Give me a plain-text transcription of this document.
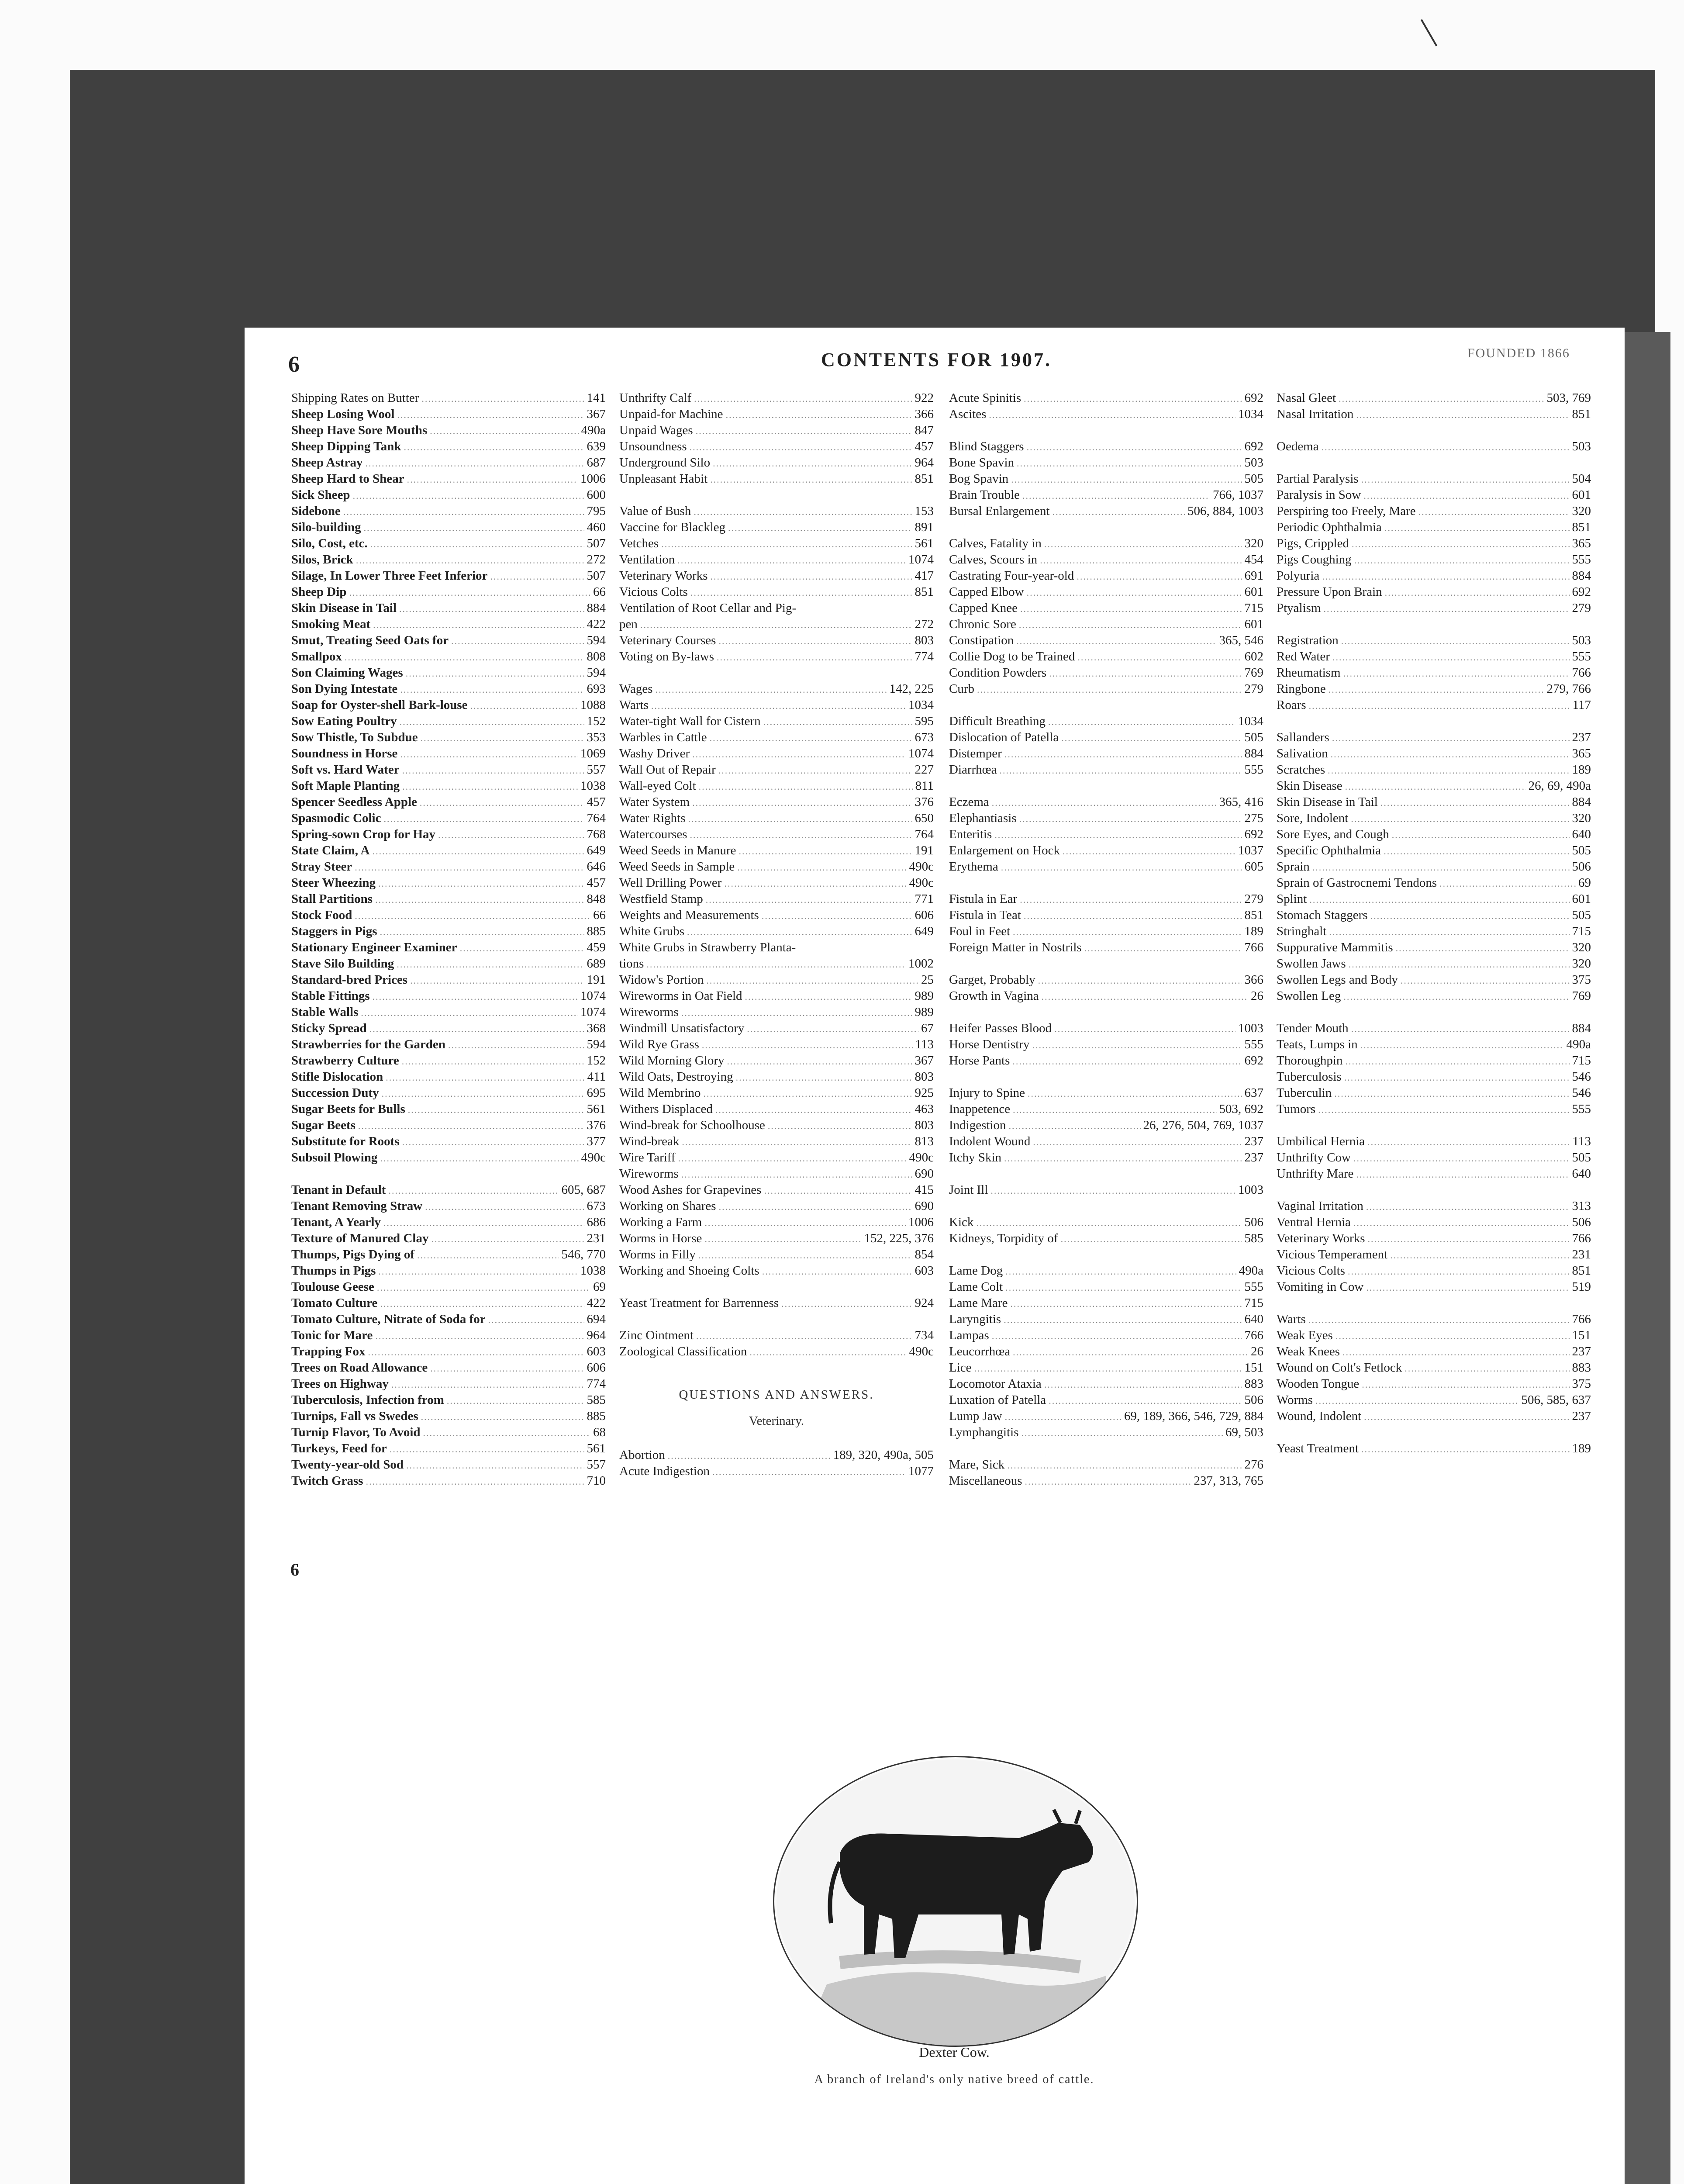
6	CONTENTS FOR 1907.	FOUNDED 1866
Shipping Rates on Butter .....	141
Sheep Losing Wool .....	367
Sheep Have Sore Mouths .....	490a
Sheep Dipping Tank .....	639
Sheep Astray .....	687
Sheep Hard to Shear .....	1006
Sick Sheep .....	600
Sidebone .....	795
Silo-building .....	460
Silo, Cost, etc. .....	507
Silos, Brick .....	272
Silage, In Lower Three Feet Inferior .....	507
Sheep Dip .....	66
Skin Disease in Tail .....	884
Smoking Meat .....	422
Smut, Treating Seed Oats for .....	594
Smallpox .....	808
Son Claiming Wages .....	594
Son Dying Intestate .....	693
Soap for Oyster-shell Bark-louse .....	1088
Sow Eating Poultry .....	152
Sow Thistle, To Subdue .....	353
Soundness in Horse .....	1069
Soft vs. Hard Water .....	557
Soft Maple Planting .....	1038
Spencer Seedless Apple .....	457
Spasmodic Colic .....	764
Spring-sown Crop for Hay .....	768
State Claim, A .....	649
Stray Steer .....	646
Steer Wheezing .....	457
Stall Partitions .....	848
Stock Food .....	66
Staggers in Pigs .....	885
Stationary Engineer Examiner .....	459
Stave Silo Building .....	689
Standard-bred Prices .....	191
Stable Fittings .....	1074
Stable Walls .....	1074
Sticky Spread .....	368
Strawberries for the Garden .....	594
Strawberry Culture .....	152
Stifle Dislocation .....	411
Succession Duty .....	695
Sugar Beets for Bulls .....	561
Sugar Beets .....	376
Substitute for Roots .....	377
Subsoil Plowing .....	490c
Tenant in Default .....	605, 687
Tenant Removing Straw .....	673
Tenant, A Yearly .....	686
Texture of Manured Clay .....	231
Thumps, Pigs Dying of .....	546, 770
Thumps in Pigs .....	1038
Toulouse Geese .....	69
Tomato Culture .....	422
Tomato Culture, Nitrate of Soda for .....	694
Tonic for Mare .....	964
Trapping Fox .....	603
Trees on Road Allowance .....	606
Trees on Highway .....	774
Tuberculosis, Infection from .....	585
Turnips, Fall vs Swedes .....	885
Turnip Flavor, To Avoid .....	68
Turkeys, Feed for .....	561
Twenty-year-old Sod .....	557
Twitch Grass .....	710
Unthrifty Calf .....	922
Unpaid-for Machine .....	366
Unpaid Wages .....	847
Unsoundness .....	457
Underground Silo .....	964
Unpleasant Habit .....	851
Value of Bush .....	153
Vaccine for Blackleg .....	891
Vetches .....	561
Ventilation .....	1074
Veterinary Works .....	417
Vicious Colts .....	851
Ventilation of Root Cellar and Pig-
pen .....	272
Veterinary Courses .....	803
Voting on By-laws .....	774
Wages .....	142, 225
Warts .....	1034
Water-tight Wall for Cistern .....	595
Warbles in Cattle .....	673
Washy Driver .....	1074
Wall Out of Repair .....	227
Wall-eyed Colt .....	811
Water System .....	376
Water Rights .....	650
Watercourses .....	764
Weed Seeds in Manure .....	191
Weed Seeds in Sample .....	490c
Well Drilling Power .....	490c
Westfield Stamp .....	771
Weights and Measurements .....	606
White Grubs .....	649
White Grubs in Strawberry Planta-
tions .....	1002
Widow's Portion .....	25
Wireworms in Oat Field .....	989
Wireworms .....	989
Windmill Unsatisfactory .....	67
Wild Rye Grass .....	113
Wild Morning Glory .....	367
Wild Oats, Destroying .....	803
Wild Membrino .....	925
Withers Displaced .....	463
Wind-break for Schoolhouse .....	803
Wind-break .....	813
Wire Tariff .....	490c
Wireworms .....	690
Wood Ashes for Grapevines .....	415
Working on Shares .....	690
Working a Farm .....	1006
Worms in Horse .....	152, 225, 376
Worms in Filly .....	854
Working and Shoeing Colts .....	603
Yeast Treatment for Barrenness .....	924
Zinc Ointment .....	734
Zoological Classification .....	490c
QUESTIONS AND ANSWERS.
Veterinary.
Abortion .....	189, 320, 490a, 505
Acute Indigestion .....	1077
Acute Spinitis .....	692
Ascites .....	1034
Blind Staggers .....	692
Bone Spavin .....	503
Bog Spavin .....	505
Brain Trouble .....	766, 1037
Bursal Enlargement .....	506, 884, 1003
Calves, Fatality in .....	320
Calves, Scours in .....	454
Castrating Four-year-old .....	691
Capped Elbow .....	601
Capped Knee .....	715
Chronic Sore .....	601
Constipation .....	365, 546
Collie Dog to be Trained .....	602
Condition Powders .....	769
Curb .....	279
Difficult Breathing .....	1034
Dislocation of Patella .....	505
Distemper .....	884
Diarrhœa .....	555
Eczema .....	365, 416
Elephantiasis .....	275
Enteritis .....	692
Enlargement on Hock .....	1037
Erythema .....	605
Fistula in Ear .....	279
Fistula in Teat .....	851
Foul in Feet .....	189
Foreign Matter in Nostrils .....	766
Garget, Probably .....	366
Growth in Vagina .....	26
Heifer Passes Blood .....	1003
Horse Dentistry .....	555
Horse Pants .....	692
Injury to Spine .....	637
Inappetence .....	503, 692
Indigestion .....	26, 276, 504, 769, 1037
Indolent Wound .....	237
Itchy Skin .....	237
Joint Ill .....	1003
Kick .....	506
Kidneys, Torpidity of .....	585
Lame Dog .....	490a
Lame Colt .....	555
Lame Mare .....	715
Laryngitis .....	640
Lampas .....	766
Leucorrhœa .....	26
Lice .....	151
Locomotor Ataxia .....	883
Luxation of Patella .....	506
Lump Jaw .....	69, 189, 366, 546, 729, 884
Lymphangitis .....	69, 503
Mare, Sick .....	276
Miscellaneous .....	237, 313, 765
Nasal Gleet .....	503, 769
Nasal Irritation .....	851
Oedema .....	503
Partial Paralysis .....	504
Paralysis in Sow .....	601
Perspiring too Freely, Mare .....	320
Periodic Ophthalmia .....	851
Pigs, Crippled .....	365
Pigs Coughing .....	555
Polyuria .....	884
Pressure Upon Brain .....	692
Ptyalism .....	279
Registration .....	503
Red Water .....	555
Rheumatism .....	766
Ringbone .....	279, 766
Roars .....	117
Sallanders .....	237
Salivation .....	365
Scratches .....	189
Skin Disease .....	26, 69, 490a
Skin Disease in Tail .....	884
Sore, Indolent .....	320
Sore Eyes, and Cough .....	640
Specific Ophthalmia .....	505
Sprain .....	506
Sprain of Gastrocnemi Tendons .....	69
Splint .....	601
Stomach Staggers .....	505
Stringhalt .....	715
Suppurative Mammitis .....	320
Swollen Jaws .....	320
Swollen Legs and Body .....	375
Swollen Leg .....	769
Tender Mouth .....	884
Teats, Lumps in .....	490a
Thoroughpin .....	715
Tuberculosis .....	546
Tuberculin .....	546
Tumors .....	555
Umbilical Hernia .....	113
Unthrifty Cow .....	505
Unthrifty Mare .....	640
Vaginal Irritation .....	313
Ventral Hernia .....	506
Veterinary Works .....	766
Vicious Temperament .....	231
Vicious Colts .....	851
Vomiting in Cow .....	519
Warts .....	766
Weak Eyes .....	151
Weak Knees .....	237
Wound on Colt's Fetlock .....	883
Wooden Tongue .....	375
Worms .....	506, 585, 637
Wound, Indolent .....	237
Yeast Treatment .....	189
6
Dexter Cow.
A branch of Ireland's only native breed of cattle.
